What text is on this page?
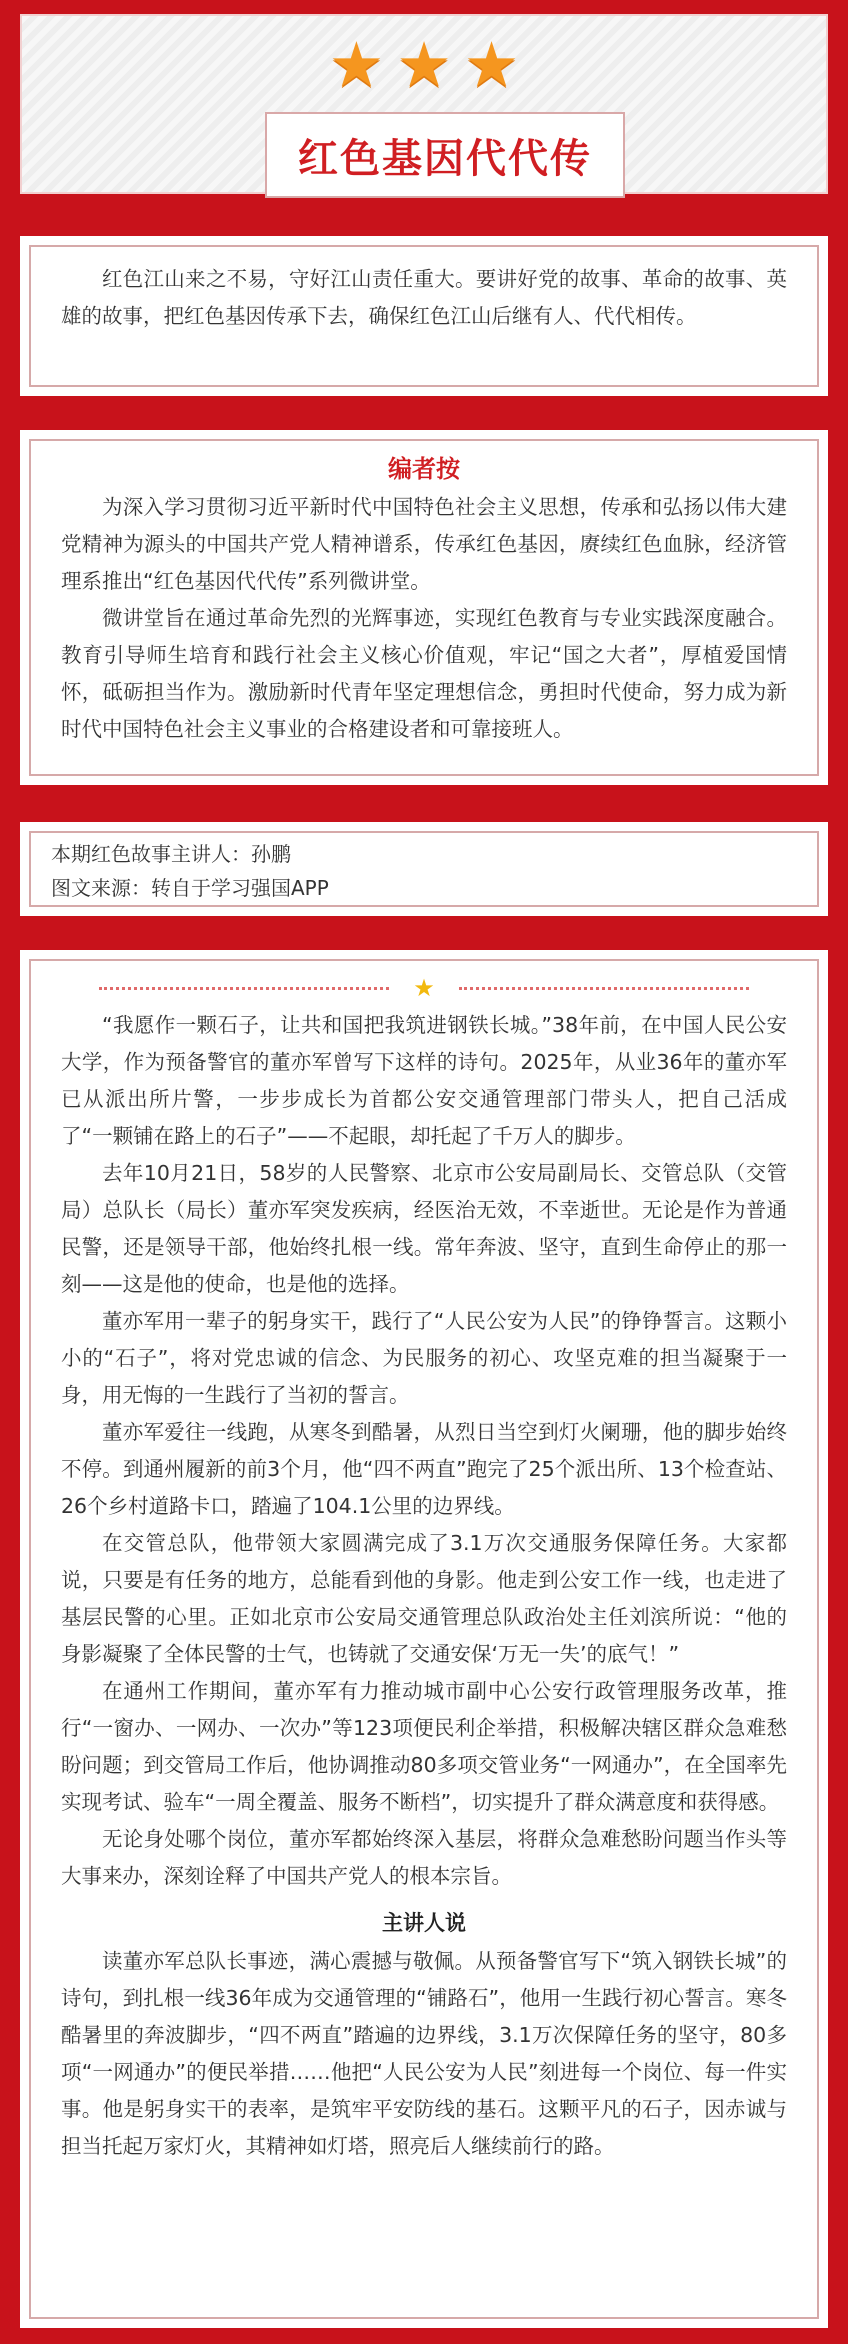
★ ★ ★
红色基因代代传

红色江山来之不易，守好江山责任重大。要讲好党的故事、革命的故事、英雄的故事，把红色基因传承下去，确保红色江山后继有人、代代相传。

编者按

为深入学习贯彻习近平新时代中国特色社会主义思想，传承和弘扬以伟大建党精神为源头的中国共产党人精神谱系，传承红色基因，赓续红色血脉，经济管理系推出“红色基因代代传”系列微讲堂。

微讲堂旨在通过革命先烈的光辉事迹，实现红色教育与专业实践深度融合。教育引导师生培育和践行社会主义核心价值观，牢记“国之大者”，厚植爱国情怀，砥砺担当作为。激励新时代青年坚定理想信念，勇担时代使命，努力成为新时代中国特色社会主义事业的合格建设者和可靠接班人。

本期红色故事主讲人：孙鹏
图文来源：转自于学习强国APP
★

“我愿作一颗石子，让共和国把我筑进钢铁长城。”38年前，在中国人民公安大学，作为预备警官的董亦军曾写下这样的诗句。2025年，从业36年的董亦军已从派出所片警，一步步成长为首都公安交通管理部门带头人，把自己活成了“一颗铺在路上的石子”——不起眼，却托起了千万人的脚步。

去年10月21日，58岁的人民警察、北京市公安局副局长、交管总队（交管局）总队长（局长）董亦军突发疾病，经医治无效，不幸逝世。无论是作为普通民警，还是领导干部，他始终扎根一线。常年奔波、坚守，直到生命停止的那一刻——这是他的使命，也是他的选择。

董亦军用一辈子的躬身实干，践行了“人民公安为人民”的铮铮誓言。这颗小小的“石子”，将对党忠诚的信念、为民服务的初心、攻坚克难的担当凝聚于一身，用无悔的一生践行了当初的誓言。

董亦军爱往一线跑，从寒冬到酷暑，从烈日当空到灯火阑珊，他的脚步始终不停。到通州履新的前3个月，他“四不两直”跑完了25个派出所、13个检查站、26个乡村道路卡口，踏遍了104.1公里的边界线。

在交管总队，他带领大家圆满完成了3.1万次交通服务保障任务。大家都说，只要是有任务的地方，总能看到他的身影。他走到公安工作一线，也走进了基层民警的心里。正如北京市公安局交通管理总队政治处主任刘滨所说：“他的身影凝聚了全体民警的士气，也铸就了交通安保‘万无一失’的底气！”

在通州工作期间，董亦军有力推动城市副中心公安行政管理服务改革，推行“一窗办、一网办、一次办”等123项便民利企举措，积极解决辖区群众急难愁盼问题；到交管局工作后，他协调推动80多项交管业务“一网通办”，在全国率先实现考试、验车“一周全覆盖、服务不断档”，切实提升了群众满意度和获得感。

无论身处哪个岗位，董亦军都始终深入基层，将群众急难愁盼问题当作头等大事来办，深刻诠释了中国共产党人的根本宗旨。

主讲人说

读董亦军总队长事迹，满心震撼与敬佩。从预备警官写下“筑入钢铁长城”的诗句，到扎根一线36年成为交通管理的“铺路石”，他用一生践行初心誓言。寒冬酷暑里的奔波脚步，“四不两直”踏遍的边界线，3.1万次保障任务的坚守，80多项“一网通办”的便民举措……他把“人民公安为人民”刻进每一个岗位、每一件实事。他是躬身实干的表率，是筑牢平安防线的基石。这颗平凡的石子，因赤诚与担当托起万家灯火，其精神如灯塔，照亮后人继续前行的路。
